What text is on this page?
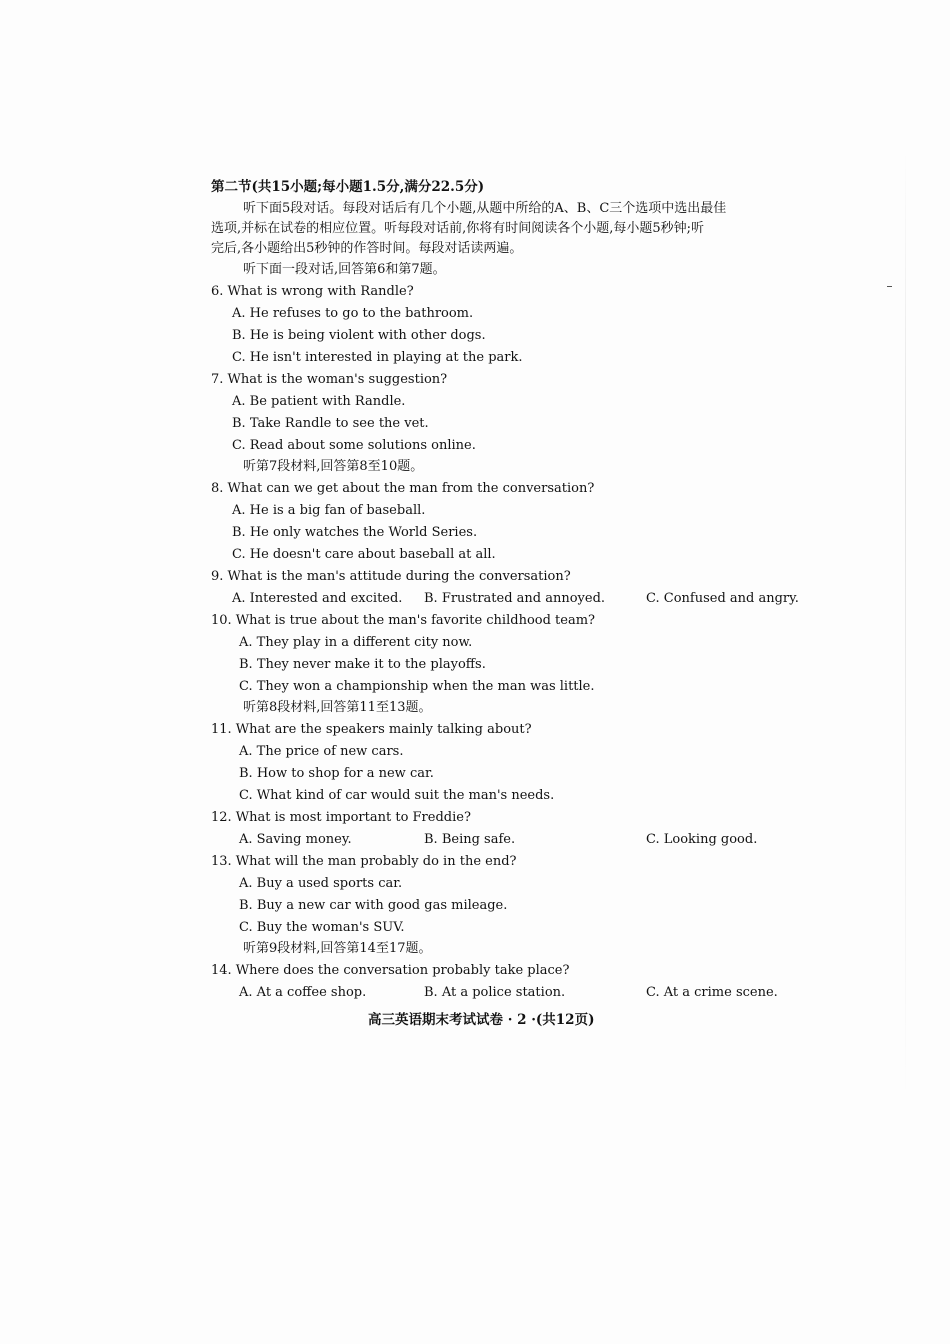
第二节(共15小题;每小题1.5分,满分22.5分)
听下面5段对话。每段对话后有几个小题,从题中所给的A、B、C三个选项中选出最佳
选项,并标在试卷的相应位置。听每段对话前,你将有时间阅读各个小题,每小题5秒钟;听
完后,各小题给出5秒钟的作答时间。每段对话读两遍。
听下面一段对话,回答第6和第7题。
6. What is wrong with Randle?
A. He refuses to go to the bathroom.
B. He is being violent with other dogs.
C. He isn't interested in playing at the park.
7. What is the woman's suggestion?
A. Be patient with Randle.
B. Take Randle to see the vet.
C. Read about some solutions online.
听第7段材料,回答第8至10题。
8. What can we get about the man from the conversation?
A. He is a big fan of baseball.
B. He only watches the World Series.
C. He doesn't care about baseball at all.
9. What is the man's attitude during the conversation?
A. Interested and excited. B. Frustrated and annoyed.	C. Confused and angry.
10. What is true about the man's favorite childhood team?
A. They play in a different city now.
B. They never make it to the playoffs.
C. They won a championship when the man was little.
听第8段材料,回答第11至13题。
11. What are the speakers mainly talking about?
A. The price of new cars.
B. How to shop for a new car.
C. What kind of car would suit the man's needs.
12. What is most important to Freddie?
A. Saving money.	B. Being safe.	C. Looking good.
13. What will the man probably do in the end?
A. Buy a used sports car.
B. Buy a new car with good gas mileage.
C. Buy the woman's SUV.
听第9段材料,回答第14至17题。
14. Where does the conversation probably take place?
A. At a coffee shop.	B. At a police station.	C. At a crime scene.
高三英语期末考试试卷 · 2 ·(共12页)
